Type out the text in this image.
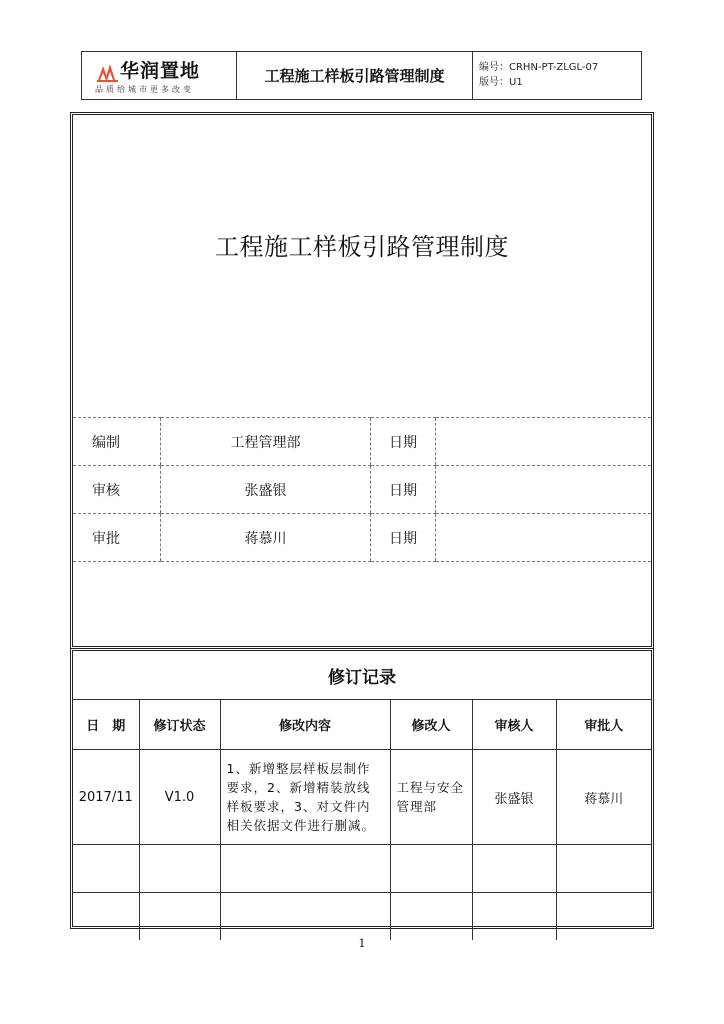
华润置地
品质给城市更多改变
工程施工样板引路管理制度	编号：CRHN-PT-ZLGL-07
版号：U1
工程施工样板引路管理制度
编制	工程管理部	日期	
审核	张盛银	日期	
审批	蒋慕川	日期	
修订记录					
日　期	修订状态	修改内容	修改人	审核人	审批人
2017/11	V1.0	1、新增整层样板层制作要求，2、新增精装放线样板要求，3、对文件内相关依据文件进行删减。	工程与安全管理部	张盛银	蒋慕川

1
